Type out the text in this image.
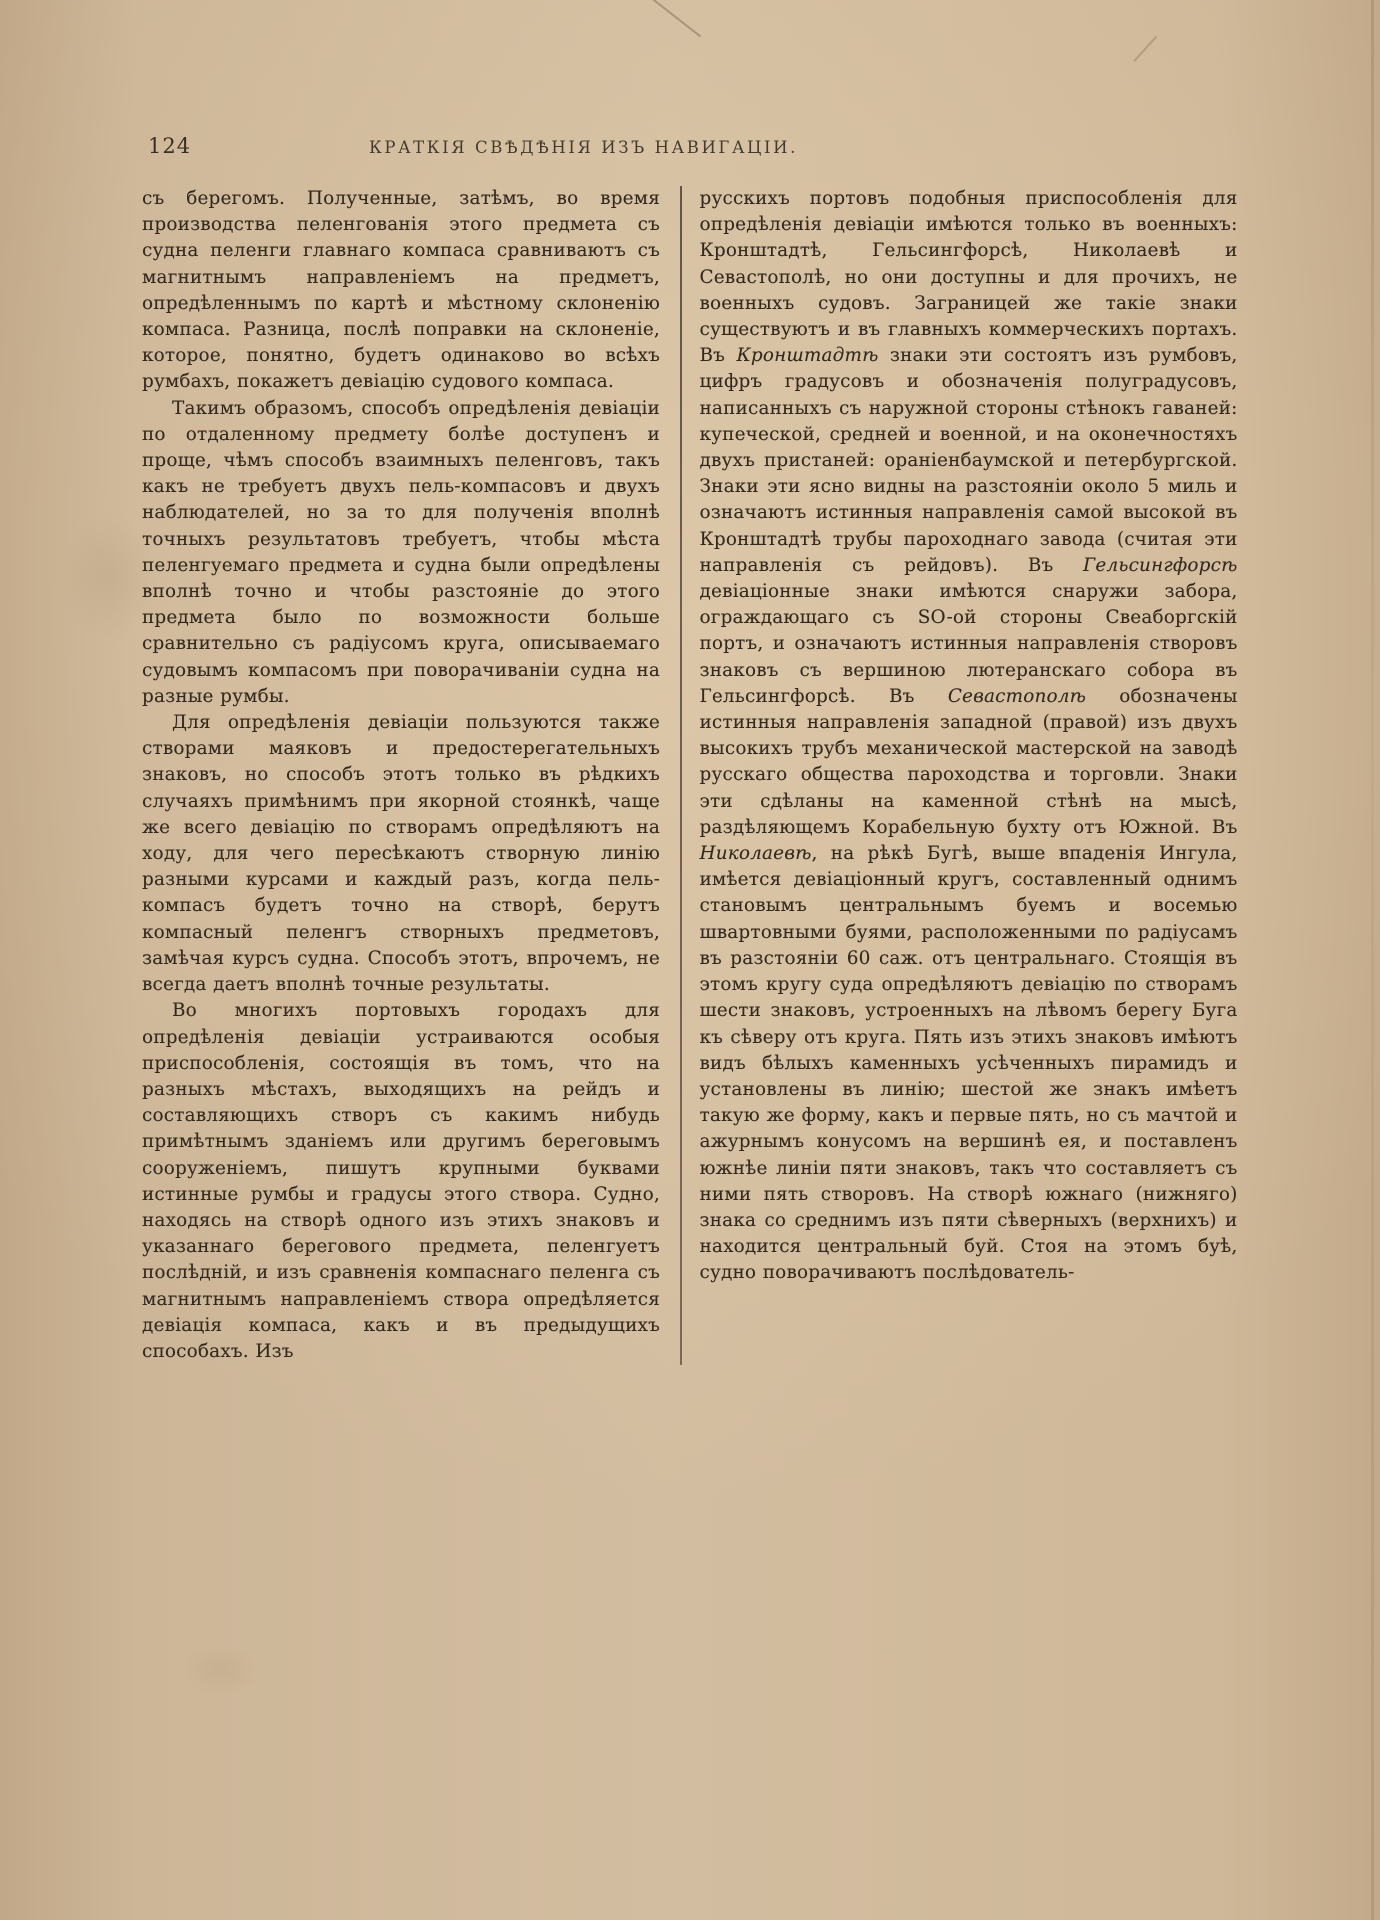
124	КРАТКІЯ СВѢДѢНІЯ ИЗЪ НАВИГАЦІИ.

съ берегомъ. Полученные, затѣмъ, во время производства пеленгованія этого предмета съ судна пеленги главнаго компаса сравниваютъ съ магнитнымъ направленіемъ на предметъ, опредѣленнымъ по картѣ и мѣстному склоненію компаса. Разница, послѣ поправки на склоненіе, которое, понятно, будетъ одинаково во всѣхъ румбахъ, покажетъ девіацію судового компаса.

Такимъ образомъ, способъ опредѣленія девіаціи по отдаленному предмету болѣе доступенъ и проще, чѣмъ способъ взаимныхъ пеленговъ, такъ какъ не требуетъ двухъ пель-компасовъ и двухъ наблюдателей, но за то для полученія вполнѣ точныхъ результатовъ требуетъ, чтобы мѣста пеленгуемаго предмета и судна были опредѣлены вполнѣ точно и чтобы разстояніе до этого предмета было по возможности больше сравнительно съ радіусомъ круга, описываемаго судовымъ компасомъ при поворачиваніи судна на разные румбы.

Для опредѣленія девіаціи пользуются также створами маяковъ и предостерегательныхъ знаковъ, но способъ этотъ только въ рѣдкихъ случаяхъ примѣнимъ при якорной стоянкѣ, чаще же всего девіацію по створамъ опредѣляютъ на ходу, для чего пересѣкаютъ створную линію разными курсами и каждый разъ, когда пель-компасъ будетъ точно на створѣ, берутъ компасный пеленгъ створныхъ предметовъ, замѣчая курсъ судна. Способъ этотъ, впрочемъ, не всегда даетъ вполнѣ точные результаты.

Во многихъ портовыхъ городахъ для опредѣленія девіаціи устраиваются особыя приспособленія, состоящія въ томъ, что на разныхъ мѣстахъ, выходящихъ на рейдъ и составляющихъ створъ съ какимъ нибудь примѣтнымъ зданіемъ или другимъ береговымъ сооруженіемъ, пишутъ крупными буквами истинные румбы и градусы этого створа. Судно, находясь на створѣ одного изъ этихъ знаковъ и указаннаго берегового предмета, пеленгуетъ послѣдній, и изъ сравненія компаснаго пеленга съ магнитнымъ направленіемъ створа опредѣляется девіація компаса, какъ и въ предыдущихъ способахъ. Изъ

русскихъ портовъ подобныя приспособленія для опредѣленія девіаціи имѣются только въ военныхъ: Кронштадтѣ, Гельсингфорсѣ, Николаевѣ и Севастополѣ, но они доступны и для прочихъ, не военныхъ судовъ. Заграницей же такіе знаки существуютъ и въ главныхъ коммерческихъ портахъ. Въ Кронштадтѣ знаки эти состоятъ изъ румбовъ, цифръ градусовъ и обозначенія полуградусовъ, написанныхъ съ наружной стороны стѣнокъ гаваней: купеческой, средней и военной, и на оконечностяхъ двухъ пристаней: ораніенбаумской и петербургской. Знаки эти ясно видны на разстояніи около 5 миль и означаютъ истинныя направленія самой высокой въ Кронштадтѣ трубы пароходнаго завода (считая эти направленія съ рейдовъ). Въ Гельсингфорсѣ девіаціонные знаки имѣются снаружи забора, ограждающаго съ SO-ой стороны Свеаборгскій портъ, и означаютъ истинныя направленія створовъ знаковъ съ вершиною лютеранскаго собора въ Гельсингфорсѣ. Въ Севастополѣ обозначены истинныя направленія западной (правой) изъ двухъ высокихъ трубъ механической мастерской на заводѣ русскаго общества пароходства и торговли. Знаки эти сдѣланы на каменной стѣнѣ на мысѣ, раздѣляющемъ Корабельную бухту отъ Южной. Въ Николаевѣ, на рѣкѣ Бугѣ, выше впаденія Ингула, имѣется девіаціонный кругъ, составленный однимъ становымъ центральнымъ буемъ и восемью швартовными буями, расположенными по радіусамъ въ разстояніи 60 саж. отъ центральнаго. Стоящія въ этомъ кругу суда опредѣляютъ девіацію по створамъ шести знаковъ, устроенныхъ на лѣвомъ берегу Буга къ сѣверу отъ круга. Пять изъ этихъ знаковъ имѣютъ видъ бѣлыхъ каменныхъ усѣченныхъ пирамидъ и установлены въ линію; шестой же знакъ имѣетъ такую же форму, какъ и первые пять, но съ мачтой и ажурнымъ конусомъ на вершинѣ ея, и поставленъ южнѣе линіи пяти знаковъ, такъ что составляетъ съ ними пять створовъ. На створѣ южнаго (нижняго) знака со среднимъ изъ пяти сѣверныхъ (верхнихъ) и находится центральный буй. Стоя на этомъ буѣ, судно поворачиваютъ послѣдователь-
